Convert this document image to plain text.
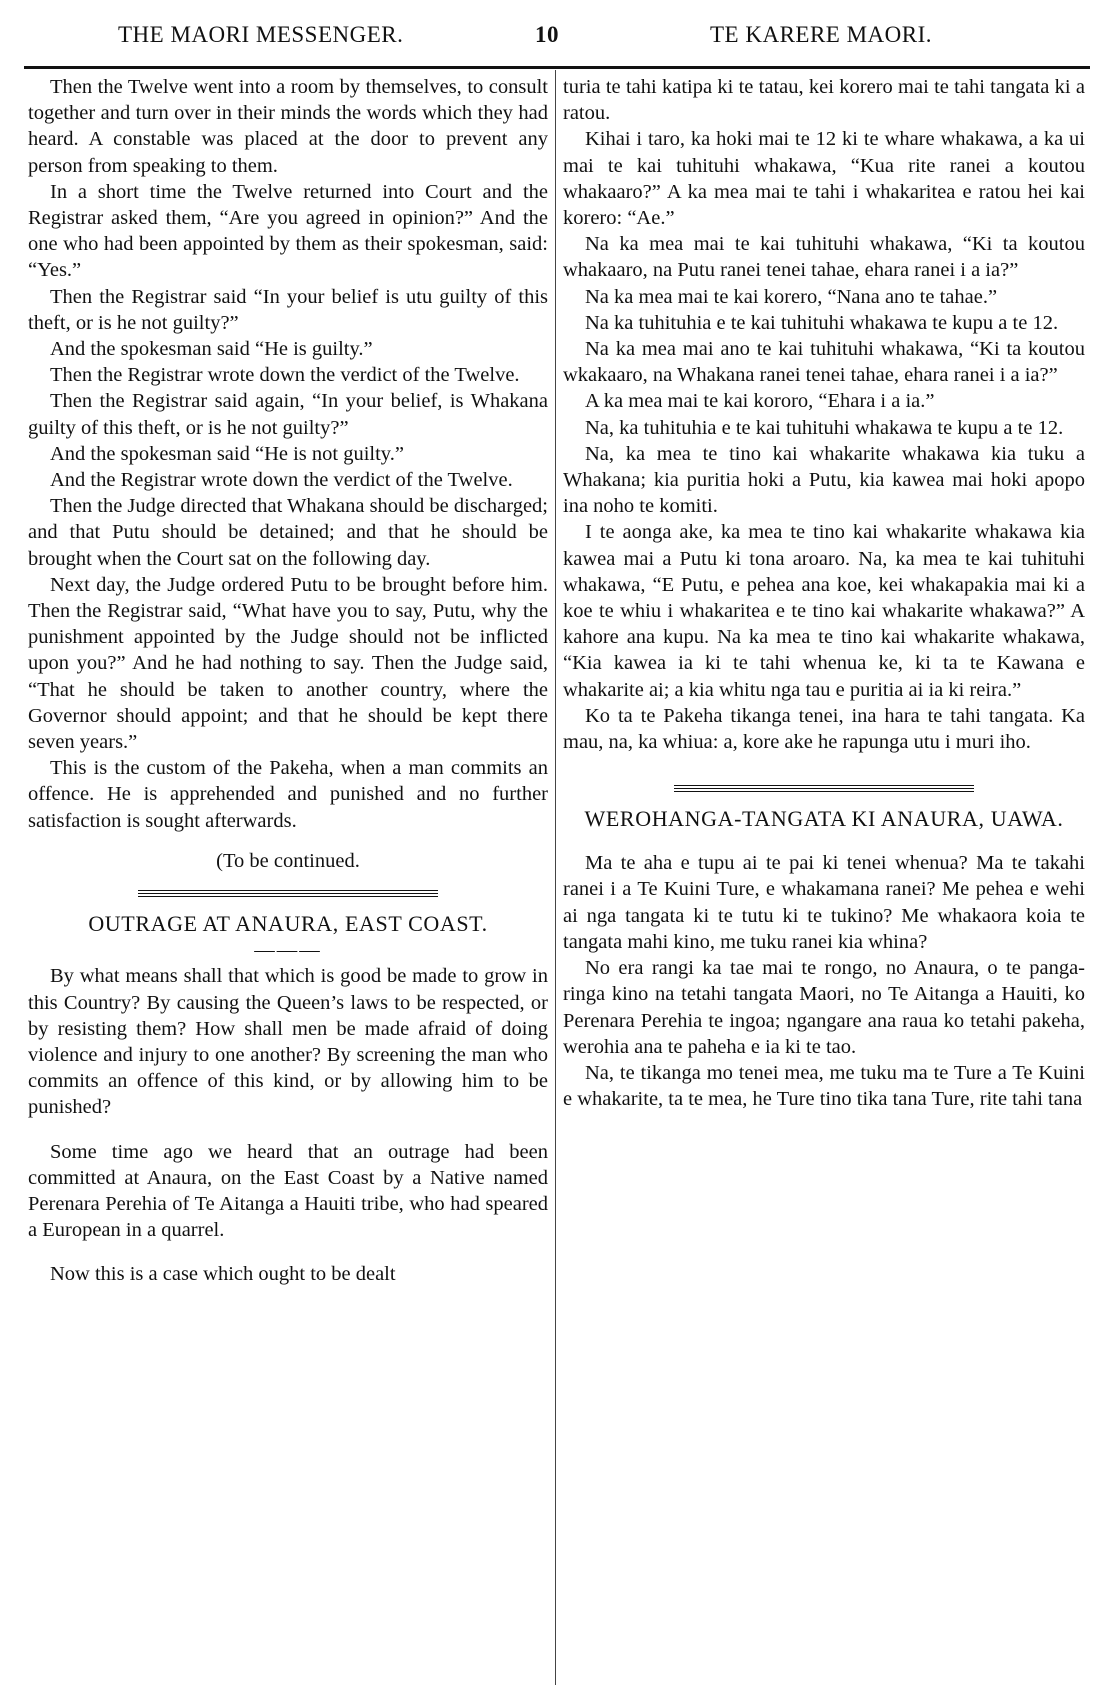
THE MAORI MESSENGER.	10	TE KARERE MAORI.

Then the Twelve went into a room by themselves, to consult together and turn over in their minds the words which they had heard. A constable was placed at the door to prevent any person from speaking to them.

In a short time the Twelve returned into Court and the Registrar asked them, “Are you agreed in opinion?” And the one who had been appointed by them as their spokesman, said: “Yes.”

Then the Registrar said “In your belief is utu guilty of this theft, or is he not guilty?”

And the spokesman said “He is guilty.”

Then the Registrar wrote down the verdict of the Twelve.

Then the Registrar said again, “In your belief, is Whakana guilty of this theft, or is he not guilty?”

And the spokesman said “He is not guilty.”

And the Registrar wrote down the verdict of the Twelve.

Then the Judge directed that Whakana should be discharged; and that Putu should be detained; and that he should be brought when the Court sat on the following day.

Next day, the Judge ordered Putu to be brought before him. Then the Registrar said, “What have you to say, Putu, why the punishment appointed by the Judge should not be inflicted upon you?” And he had nothing to say. Then the Judge said, “That he should be taken to another country, where the Governor should appoint; and that he should be kept there seven years.”

This is the custom of the Pakeha, when a man commits an offence. He is apprehended and punished and no further satisfaction is sought afterwards.

(To be continued.

OUTRAGE AT ANAURA, EAST COAST.

———

By what means shall that which is good be made to grow in this Country? By causing the Queen’s laws to be respected, or by resisting them? How shall men be made afraid of doing violence and injury to one another? By screening the man who commits an offence of this kind, or by allowing him to be punished?

Some time ago we heard that an outrage had been committed at Anaura, on the East Coast by a Native named Perenara Perehia of Te Aitanga a Hauiti tribe, who had speared a European in a quarrel.

Now this is a case which ought to be dealt

turia te tahi katipa ki te tatau, kei korero mai te tahi tangata ki a ratou.

Kihai i taro, ka hoki mai te 12 ki te whare whakawa, a ka ui mai te kai tuhituhi whakawa, “Kua rite ranei a koutou whakaaro?” A ka mea mai te tahi i whakaritea e ratou hei kai korero: “Ae.”

Na ka mea mai te kai tuhituhi whakawa, “Ki ta koutou whakaaro, na Putu ranei tenei tahae, ehara ranei i a ia?”

Na ka mea mai te kai korero, “Nana ano te tahae.”

Na ka tuhituhia e te kai tuhituhi whakawa te kupu a te 12.

Na ka mea mai ano te kai tuhituhi whakawa, “Ki ta koutou wkakaaro, na Whakana ranei tenei tahae, ehara ranei i a ia?”

A ka mea mai te kai kororo, “Ehara i a ia.”

Na, ka tuhituhia e te kai tuhituhi whakawa te kupu a te 12.

Na, ka mea te tino kai whakarite whakawa kia tuku a Whakana; kia puritia hoki a Putu, kia kawea mai hoki apopo ina noho te komiti.

I te aonga ake, ka mea te tino kai whakarite whakawa kia kawea mai a Putu ki tona aroaro. Na, ka mea te kai tuhituhi whakawa, “E Putu, e pehea ana koe, kei whakapakia mai ki a koe te whiu i whakaritea e te tino kai whakarite whakawa?” A kahore ana kupu. Na ka mea te tino kai whakarite whakawa, “Kia kawea ia ki te tahi whenua ke, ki ta te Kawana e whakarite ai; a kia whitu nga tau e puritia ai ia ki reira.”

Ko ta te Pakeha tikanga tenei, ina hara te tahi tangata. Ka mau, na, ka whiua: a, kore ake he rapunga utu i muri iho.

WEROHANGA-TANGATA KI ANAURA, UAWA.

Ma te aha e tupu ai te pai ki tenei whenua? Ma te takahi ranei i a Te Kuini Ture, e whakamana ranei? Me pehea e wehi ai nga tangata ki te tutu ki te tukino? Me whakaora koia te tangata mahi kino, me tuku ranei kia whina?

No era rangi ka tae mai te rongo, no Anaura, o te panga-ringa kino na tetahi tangata Maori, no Te Aitanga a Hauiti, ko Perenara Perehia te ingoa; ngangare ana raua ko tetahi pakeha, werohia ana te paheha e ia ki te tao.

Na, te tikanga mo tenei mea, me tuku ma te Ture a Te Kuini e whakarite, ta te mea, he Ture tino tika tana Ture, rite tahi tana
